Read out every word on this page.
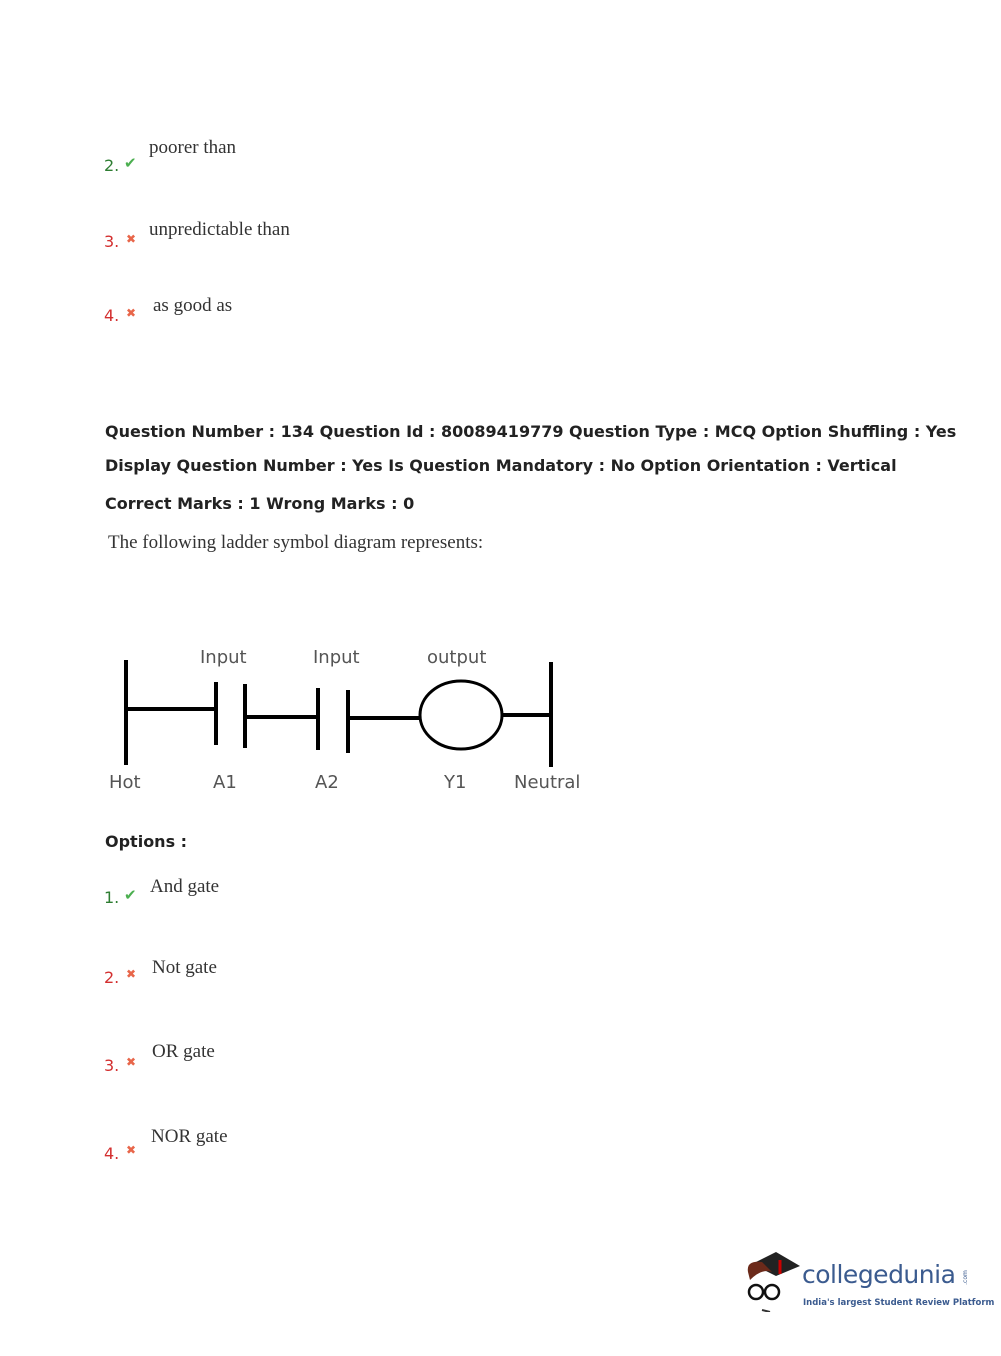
2. ✔
poorer than
3. ✖ unpredictable than
4. ✖ as good as
Question Number : 134 Question Id : 80089419779 Question Type : MCQ Option Shuffling : Yes
Display Question Number : Yes Is Question Mandatory : No Option Orientation : Vertical
Correct Marks : 1 Wrong Marks : 0
The following ladder symbol diagram represents:
Input	Input	output
Hot	A1	A2	Y1	Neutral
Options :
1. ✔ And gate
2. ✖ Not gate
3. ✖ OR gate
4. ✖
NOR gate
collegedunia .com
India's largest Student Review Platform
